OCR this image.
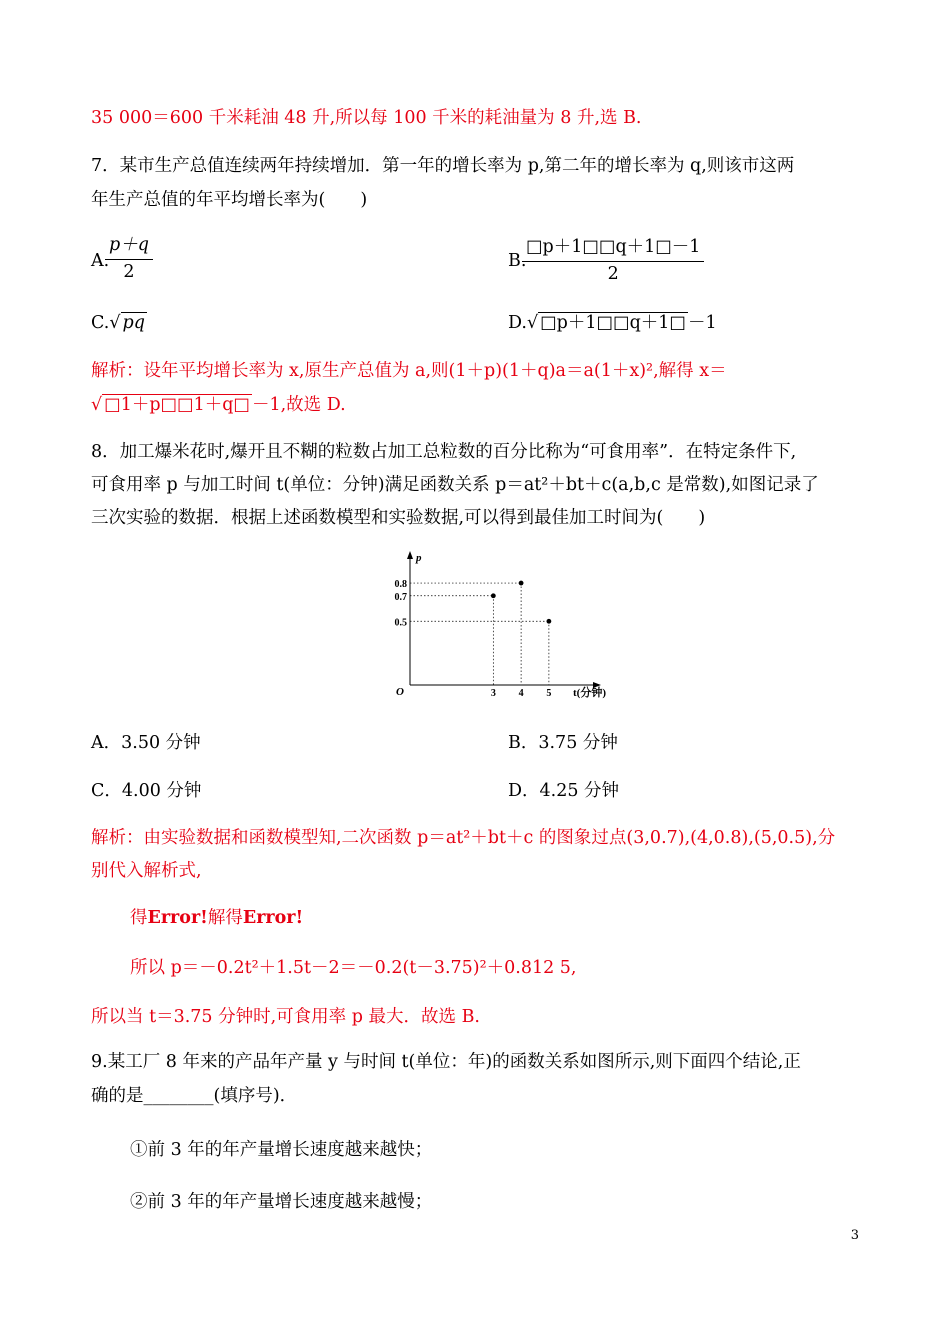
35 000＝600 千米耗油 48 升,所以每 100 千米的耗油量为 8 升,选 B.
7．某市生产总值连续两年持续增加．第一年的增长率为 p,第二年的增长率为 q,则该市这两
年生产总值的年平均增长率为(　　)
A.
$\frac{p+q}{2}$	B.
$\frac{□p+1□□q+1□-1}{2}$
C.√ pq	D.√ □p＋1□□q＋1□ －1
解析：设年平均增长率为 x,原生产总值为 a,则(1＋p)(1＋q)a＝a(1＋x)²,解得 x＝
√ □1＋p□□1＋q□ －1,故选 D.
8．加工爆米花时,爆开且不糊的粒数占加工总粒数的百分比称为“可食用率”．在特定条件下,
可食用率 p 与加工时间 t(单位：分钟)满足函数关系 p＝at²＋bt＋c(a,b,c 是常数),如图记录了
三次实验的数据．根据上述函数模型和实验数据,可以得到最佳加工时间为(　　)
O
p
t(分钟)
3 4 5
0.8
0.7
0.5
A．3.50 分钟	B．3.75 分钟
C．4.00 分钟	D．4.25 分钟
解析：由实验数据和函数模型知,二次函数 p＝at²＋bt＋c 的图象过点(3,0.7),(4,0.8),(5,0.5),分
别代入解析式,
得Error!解得Error!
所以 p＝－0.2t²＋1.5t－2＝－0.2(t－3.75)²＋0.812 5,
所以当 t＝3.75 分钟时,可食用率 p 最大．故选 B.
9.某工厂 8 年来的产品年产量 y 与时间 t(单位：年)的函数关系如图所示,则下面四个结论,正
确的是________(填序号)．
①前 3 年的年产量增长速度越来越快；
②前 3 年的年产量增长速度越来越慢；
3
